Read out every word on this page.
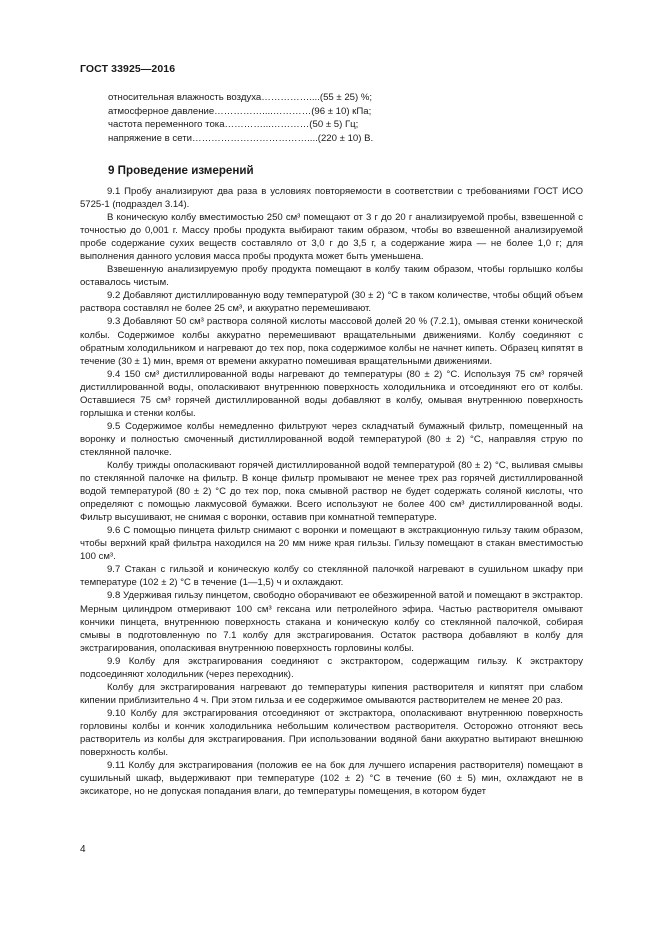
ГОСТ 33925—2016
относительная влажность воздуха……………....(55 ± 25) %;
атмосферное давление……………....…………(96 ± 10) кПа;
частота переменного тока…………...…………(50 ± 5) Гц;
напряжение в сети………………………………....(220 ± 10) В.
9 Проведение измерений

9.1 Пробу анализируют два раза в условиях повторяемости в соответствии с требованиями ГОСТ ИСО 5725-1 (подраздел 3.14).

В коническую колбу вместимостью 250 см³ помещают от 3 г до 20 г анализируемой пробы, взвешенной с точностью до 0,001 г. Массу пробы продукта выбирают таким образом, чтобы во взвешенной анализируемой пробе содержание сухих веществ составляло от 3,0 г до 3,5 г, а содержание жира — не более 1,0 г; для выполнения данного условия масса пробы продукта может быть уменьшена.

Взвешенную анализируемую пробу продукта помещают в колбу таким образом, чтобы горлышко колбы оставалось чистым.

9.2 Добавляют дистиллированную воду температурой (30 ± 2) °С в таком количестве, чтобы общий объем раствора составлял не более 25 см³, и аккуратно перемешивают.

9.3 Добавляют 50 см³ раствора соляной кислоты массовой долей 20 % (7.2.1), омывая стенки конической колбы. Содержимое колбы аккуратно перемешивают вращательными движениями. Колбу соединяют с обратным холодильником и нагревают до тех пор, пока содержимое колбы не начнет кипеть. Образец кипятят в течение (30 ± 1) мин, время от времени аккуратно помешивая вращательными движениями.

9.4 150 см³ дистиллированной воды нагревают до температуры (80 ± 2) °С. Используя 75 см³ горячей дистиллированной воды, ополаскивают внутреннюю поверхность холодильника и отсоединяют его от колбы. Оставшиеся 75 см³ горячей дистиллированной воды добавляют в колбу, омывая внутреннюю поверхность горлышка и стенки колбы.

9.5 Содержимое колбы немедленно фильтруют через складчатый бумажный фильтр, помещенный на воронку и полностью смоченный дистиллированной водой температурой (80 ± 2) °С, направляя струю по стеклянной палочке.

Колбу трижды ополаскивают горячей дистиллированной водой температурой (80 ± 2) °С, выливая смывы по стеклянной палочке на фильтр. В конце фильтр промывают не менее трех раз горячей дистиллированной водой температурой (80 ± 2) °С до тех пор, пока смывной раствор не будет содержать соляной кислоты, что определяют с помощью лакмусовой бумажки. Всего используют не более 400 см³ дистиллированной воды. Фильтр высушивают, не снимая с воронки, оставив при комнатной температуре.

9.6 С помощью пинцета фильтр снимают с воронки и помещают в экстракционную гильзу таким образом, чтобы верхний край фильтра находился на 20 мм ниже края гильзы. Гильзу помещают в стакан вместимостью 100 см³.

9.7 Стакан с гильзой и коническую колбу со стеклянной палочкой нагревают в сушильном шкафу при температуре (102 ± 2) °С в течение (1—1,5) ч и охлаждают.

9.8 Удерживая гильзу пинцетом, свободно оборачивают ее обезжиренной ватой и помещают в экстрактор. Мерным цилиндром отмеривают 100 см³ гексана или петролейного эфира. Частью растворителя омывают кончики пинцета, внутреннюю поверхность стакана и коническую колбу со стеклянной палочкой, собирая смывы в подготовленную по 7.1 колбу для экстрагирования. Остаток раствора добавляют в колбу для экстрагирования, ополаскивая внутреннюю поверхность горловины колбы.

9.9 Колбу для экстрагирования соединяют с экстрактором, содержащим гильзу. К экстрактору подсоединяют холодильник (через переходник).

Колбу для экстрагирования нагревают до температуры кипения растворителя и кипятят при слабом кипении приблизительно 4 ч. При этом гильза и ее содержимое омываются растворителем не менее 20 раз.

9.10 Колбу для экстрагирования отсоединяют от экстрактора, ополаскивают внутреннюю поверхность горловины колбы и кончик холодильника небольшим количеством растворителя. Осторожно отгоняют весь растворитель из колбы для экстрагирования. При использовании водяной бани аккуратно вытирают внешнюю поверхность колбы.

9.11 Колбу для экстрагирования (положив ее на бок для лучшего испарения растворителя) помещают в сушильный шкаф, выдерживают при температуре (102 ± 2) °С в течение (60 ± 5) мин, охлаждают не в эксикаторе, но не допуская попадания влаги, до температуры помещения, в котором будет

4
